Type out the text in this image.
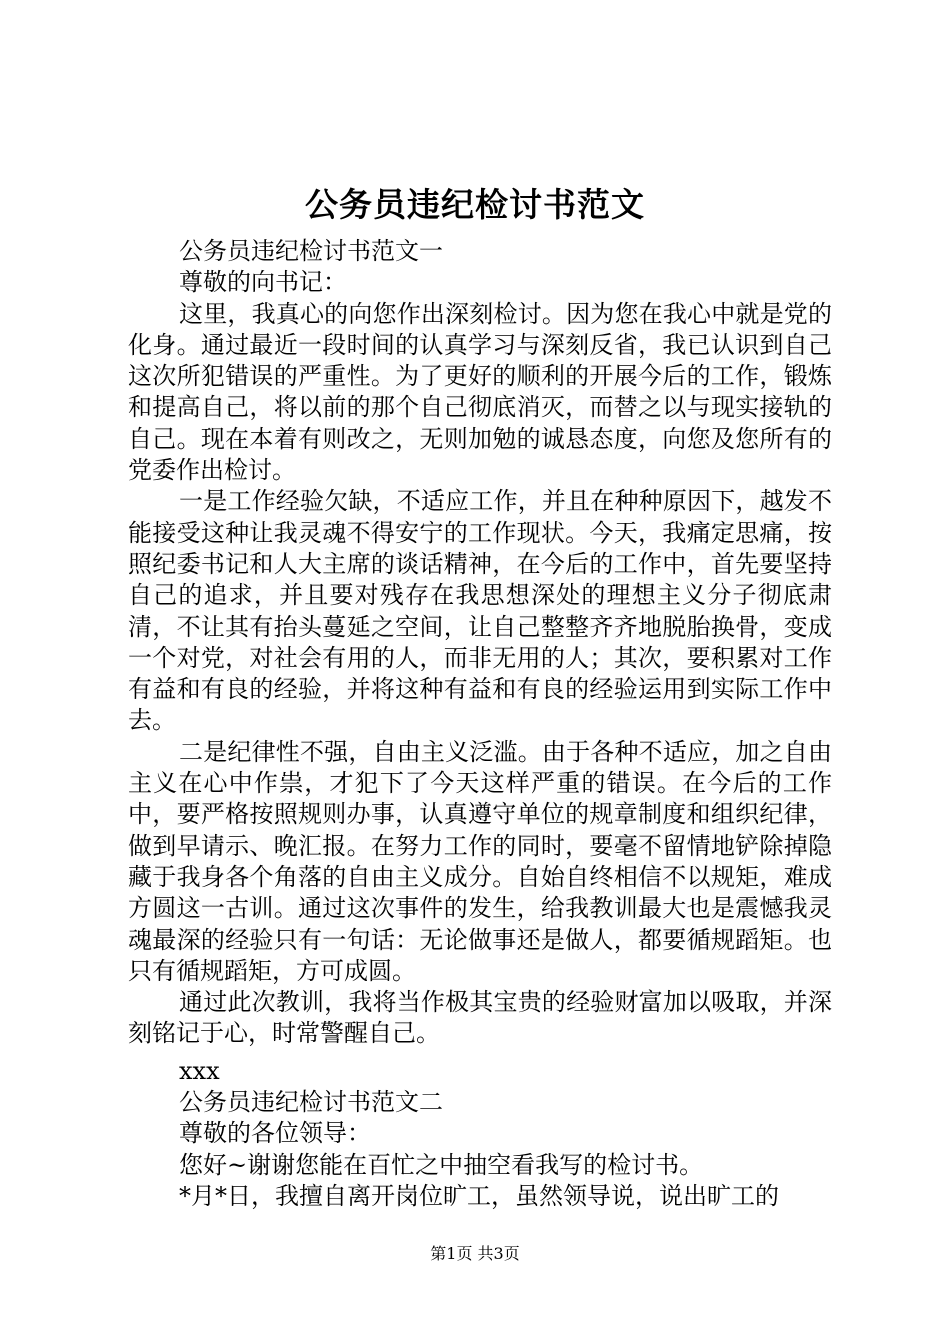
公务员违纪检讨书范文

公务员违纪检讨书范文一

尊敬的向书记：

这里，我真心的向您作出深刻检讨。因为您在我心中就是党的化身。通过最近一段时间的认真学习与深刻反省，我已认识到自己这次所犯错误的严重性。为了更好的顺利的开展今后的工作，锻炼和提高自己，将以前的那个自己彻底消灭，而替之以与现实接轨的自己。现在本着有则改之，无则加勉的诚恳态度，向您及您所有的党委作出检讨。

一是工作经验欠缺，不适应工作，并且在种种原因下，越发不能接受这种让我灵魂不得安宁的工作现状。今天，我痛定思痛，按照纪委书记和人大主席的谈话精神，在今后的工作中，首先要坚持自己的追求，并且要对残存在我思想深处的理想主义分子彻底肃清，不让其有抬头蔓延之空间，让自己整整齐齐地脱胎换骨，变成一个对党，对社会有用的人，而非无用的人；其次，要积累对工作有益和有良的经验，并将这种有益和有良的经验运用到实际工作中去。

二是纪律性不强，自由主义泛滥。由于各种不适应，加之自由主义在心中作祟，才犯下了今天这样严重的错误。在今后的工作中，要严格按照规则办事，认真遵守单位的规章制度和组织纪律，做到早请示、晚汇报。在努力工作的同时，要毫不留情地铲除掉隐藏于我身各个角落的自由主义成分。自始自终相信不以规矩，难成方圆这一古训。通过这次事件的发生，给我教训最大也是震憾我灵魂最深的经验只有一句话：无论做事还是做人，都要循规蹈矩。也只有循规蹈矩，方可成圆。

通过此次教训，我将当作极其宝贵的经验财富加以吸取，并深刻铭记于心，时常警醒自己。

xxx

公务员违纪检讨书范文二

尊敬的各位领导：

您好~谢谢您能在百忙之中抽空看我写的检讨书。

*月*日，我擅自离开岗位旷工，虽然领导说，说出旷工的

第1页 共3页
